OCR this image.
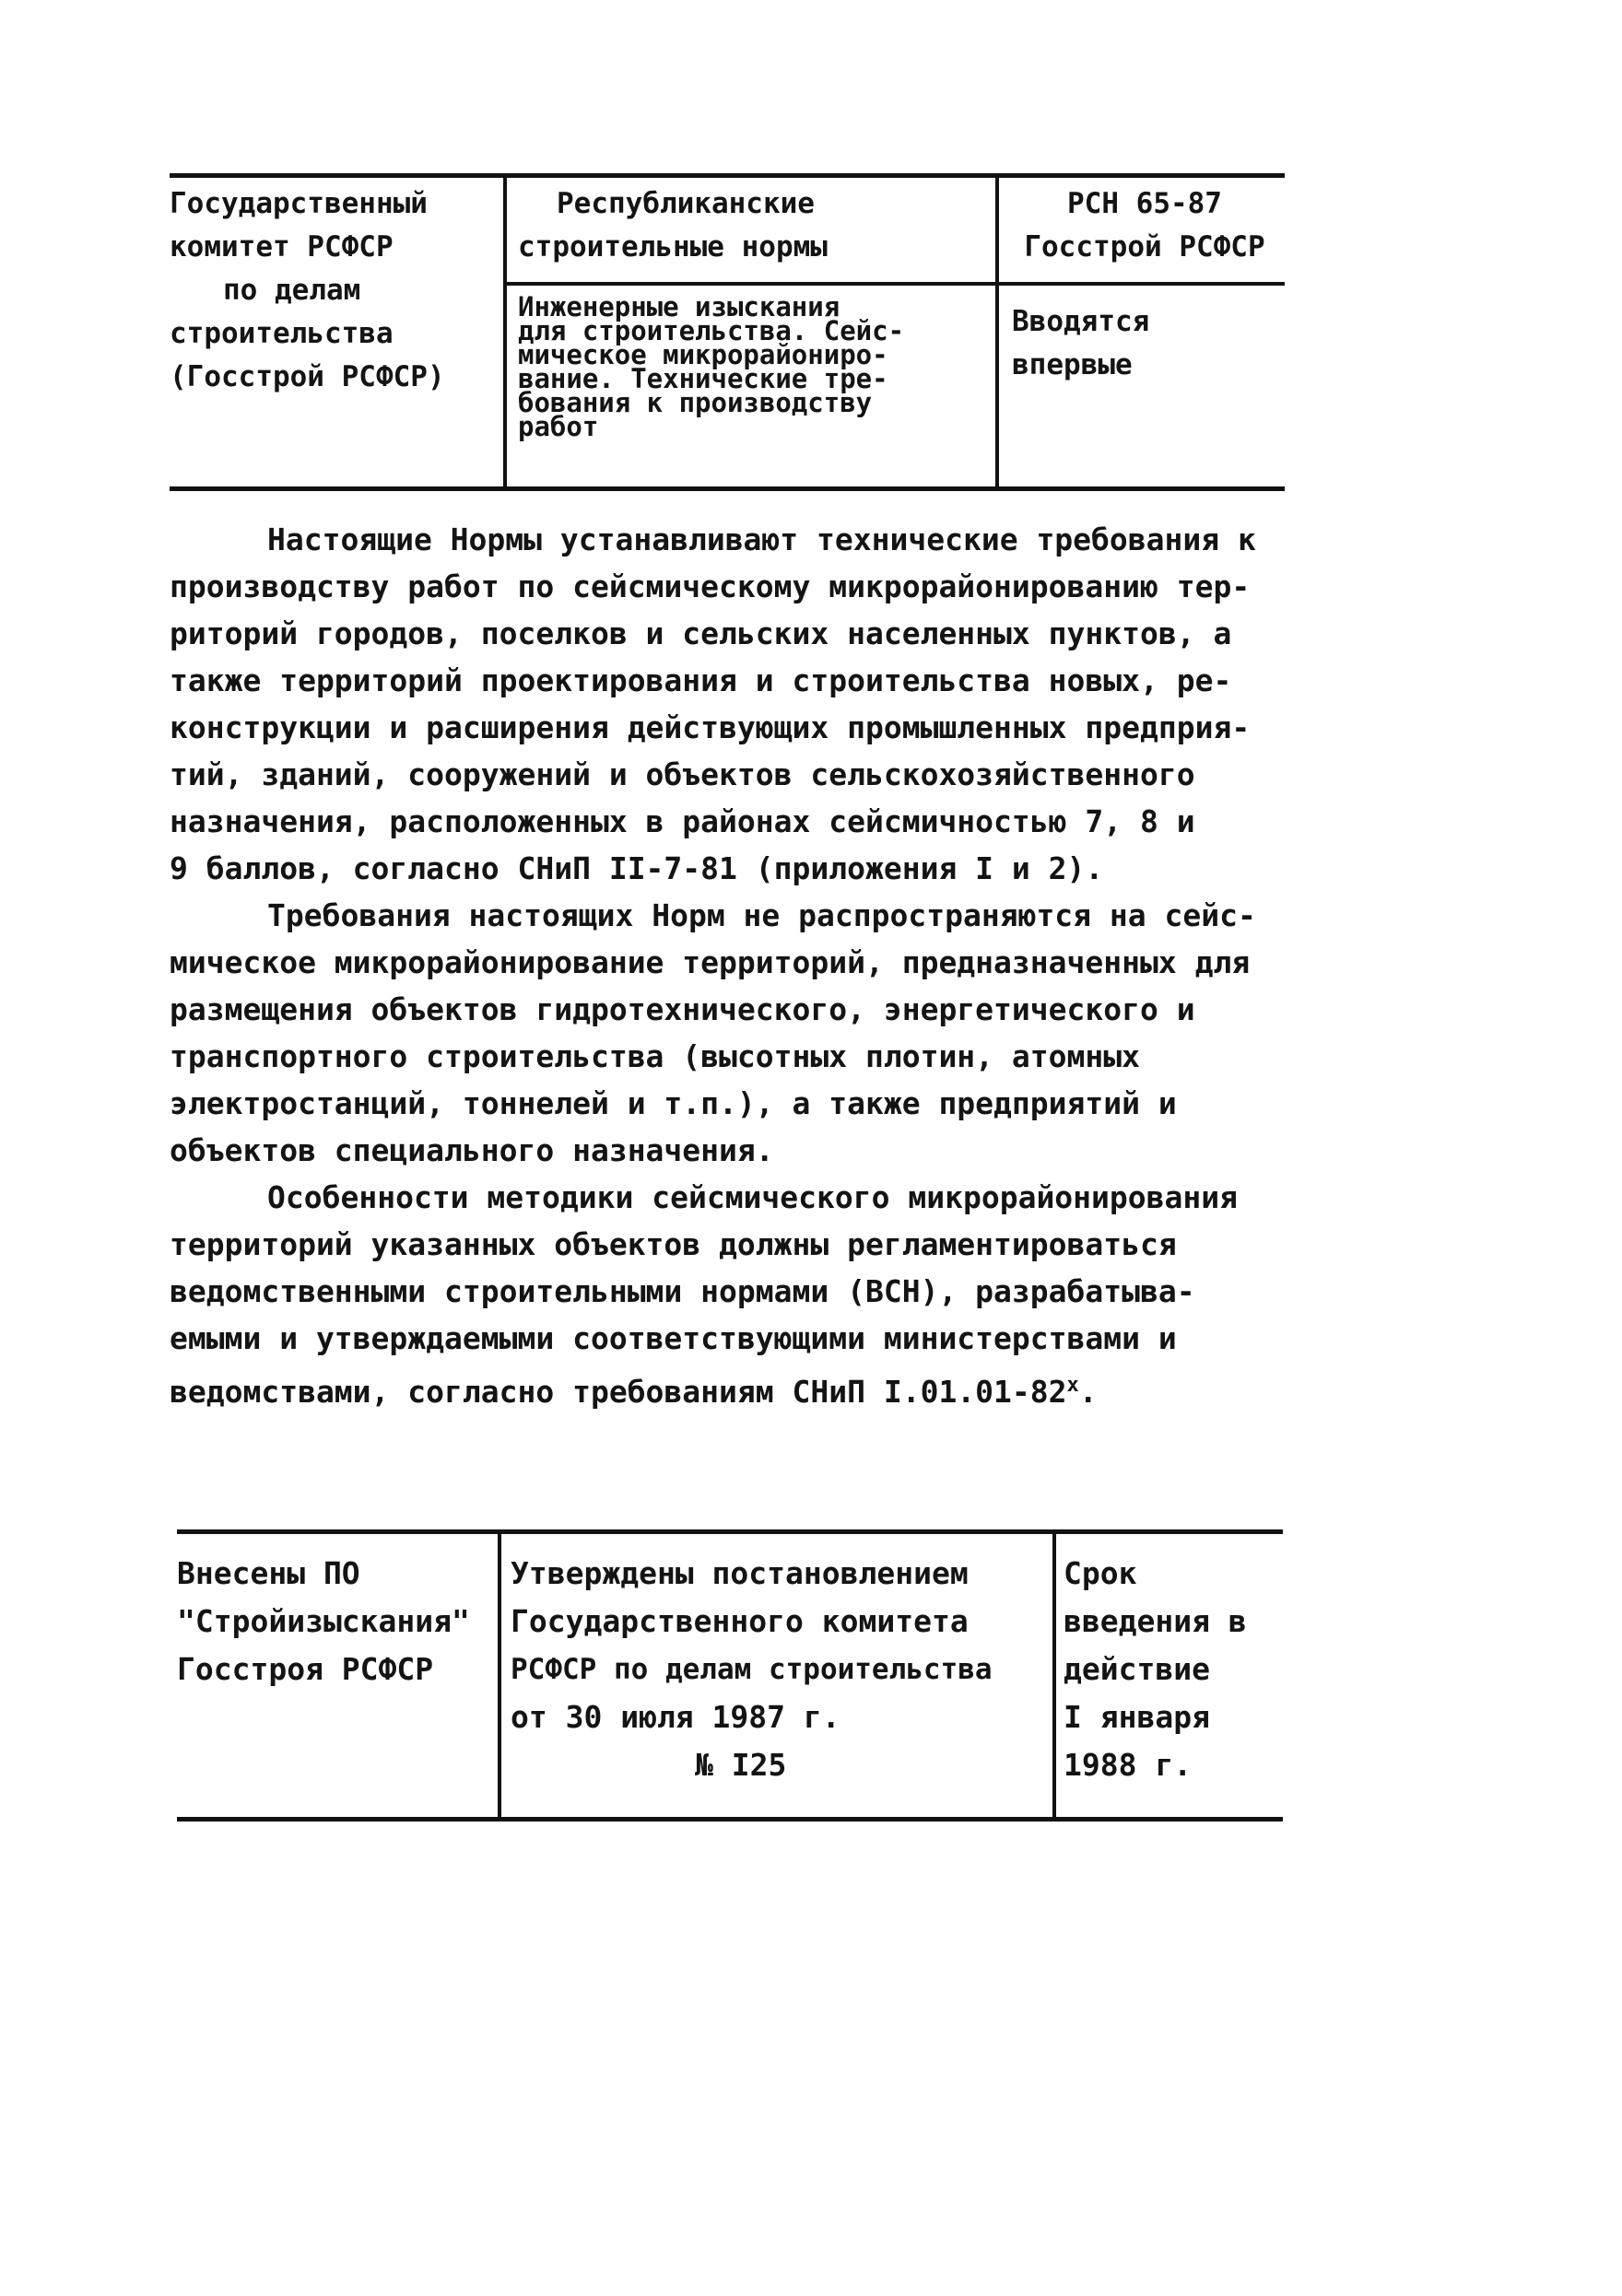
Государственный
комитет РСФСР
по делам
строительства
(Госстрой РСФСР)
Республиканские
строительные нормы
Инженерные изыскания
для строительства. Сейс-
мическое микрорайониро-
вание. Технические тре-
бования к производству
работ
РСН 65-87
Госстрой РСФСР
Вводятся
впервые

Настоящие Нормы устанавливают технические требования к
производству работ по сейсмическому микрорайонированию тер-
риторий городов, поселков и сельских населенных пунктов, а
также территорий проектирования и строительства новых, ре-
конструкции и расширения действующих промышленных предприя-
тий, зданий, сооружений и объектов сельскохозяйственного
назначения, расположенных в районах сейсмичностью 7, 8 и
9 баллов, согласно СНиП II-7-81 (приложения I и 2).

Требования настоящих Норм не распространяются на сейс-
мическое микрорайонирование территорий, предназначенных для
размещения объектов гидротехнического, энергетического и
транспортного строительства (высотных плотин, атомных
электростанций, тоннелей и т.п.), а также предприятий и
объектов специального назначения.

Особенности методики сейсмического микрорайонирования
территорий указанных объектов должны регламентироваться
ведомственными строительными нормами (ВСН), разрабатыва-
емыми и утверждаемыми соответствующими министерствами и
ведомствами, согласно требованиям СНиП I.01.01-82$^x$.

Внесены ПО
"Стройизыскания"
Госстроя РСФСР
Утверждены постановлением
Государственного комитета
РСФСР по делам строительства
от 30 июля 1987 г.
№ I25
Срок
введения в
действие
I января
1988 г.
